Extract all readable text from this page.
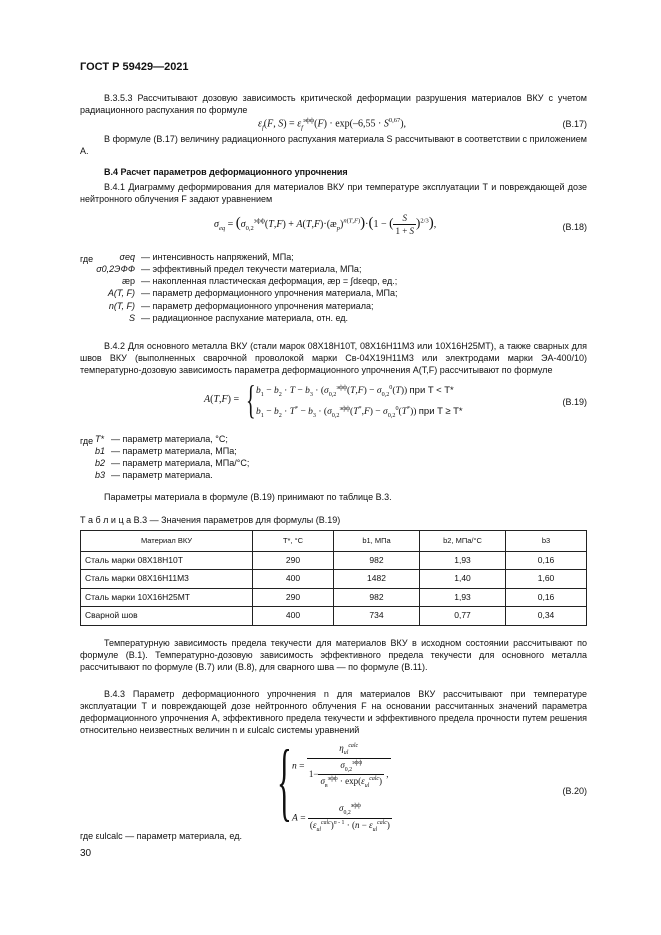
ГОСТ Р 59429—2021
В.3.5.3 Рассчитывают дозовую зависимость критической деформации разрушения материалов ВКУ с учетом радиационного распухания по формуле
$\varepsilon_f(F$, $S) = \varepsilon_f^{эфф}(F) \cdot \exp(-6,55 \cdot S^{0,67})$,	(В.17)
В формуле (В.17) величину радиационного распухания материала S рассчитывают в соответствии с приложением А.
В.4 Расчет параметров деформационного упрочнения
В.4.1 Диаграмму деформирования для материалов ВКУ при температуре эксплуатации T и повреждающей дозе нейтронного облучения F задают уравнением
$\sigma_{eq} = (\sigma_{0,2}^{эфф}(T,F)$ + $A(T,F)\cdot(æ_p)^{n(T,F)})\cdot(1$ − ( $\frac{S}{1 + S} )^{2/3}$),	(В.18)
где	σeq	— интенсивность напряжений, МПа;
σ0,2ЭФФ	— эффективный предел текучести материала, МПа;
æp	— накопленная пластическая деформация, æp = ∫dεeqp, ед.;
A(T, F)	— параметр деформационного упрочнения материала, МПа;
n(T, F)	— параметр деформационного упрочнения материала;
S	— радиационное распухание материала, отн. ед.
В.4.2 Для основного металла ВКУ (стали марок 08Х18Н10Т, 08Х16Н11М3 или 10Х16Н25МТ), а также сварных для швов ВКУ (выполненных сварочной проволокой марки Св-04Х19Н11М3 или электродами марки ЭА-400/10) температурно-дозовую зависимость параметра деформационного упрочнения A(T,F) рассчитывают по формуле
A(T,F) = { $b_1 - b_2 \cdot T - b_3 \cdot (\sigma_{0,2}^{эфф}(T,F) - \sigma_{0,2}^0(T))$ при T < T*
$b_1 - b_2 \cdot T^* - b_3 \cdot (\sigma_{0,2}^{эфф}(T^*,F) - \sigma_{0,2}^0(T^*))$ при T ≥ T*
(В.19)
где T*	— параметр материала, °С;
b1	— параметр материала, МПа;
b2	— параметр материала, МПа/°С;
b3	— параметр материала.
Параметры материала в формуле (В.19) принимают по таблице В.3.
Т а б л и ц а В.3 — Значения параметров для формулы (В.19)
Материал ВКУ	T*, °С	b1, МПа	b2, МПа/°С	b3
Сталь марки 08Х18Н10Т	290	982	1,93	0,16
Сталь марки 08Х16Н11М3	400	1482	1,40	1,60
Сталь марки 10Х16Н25МТ	290	982	1,93	0,16
Сварной шов	400	734	0,77	0,34
Температурную зависимость предела текучести для материалов ВКУ в исходном состоянии рассчитывают по формуле (В.1). Температурно-дозовую зависимость эффективного предела текучести для основного металла рассчитывают по формуле (В.7) или (В.8), для сварного шва — по формуле (В.11).
В.4.3 Параметр деформационного упрочнения n для материалов ВКУ рассчитывают при температуре эксплуатации T и повреждающей дозе нейтронного облучения F на основании рассчитанных значений параметра деформационного упрочнения A, эффективного предела текучести и эффективного предела прочности путем решения относительно неизвестных величин n и εulcalc системы уравнений
{ $n = \frac{\eta_{ul}^{calc}}{1- \frac{\sigma_{0,2}^{эфф}}{\sigma_в^{эфф} \cdot \exp(\varepsilon_{ul}^{calc})} ,}$
$A = \frac{\sigma_{0,2}^{эфф}}{(\varepsilon_{ul}^{calc})^{n - 1} \cdot (n - \varepsilon_{ul}^{calc})}$
(В.20)
где εulcalc — параметр материала, ед.
30
